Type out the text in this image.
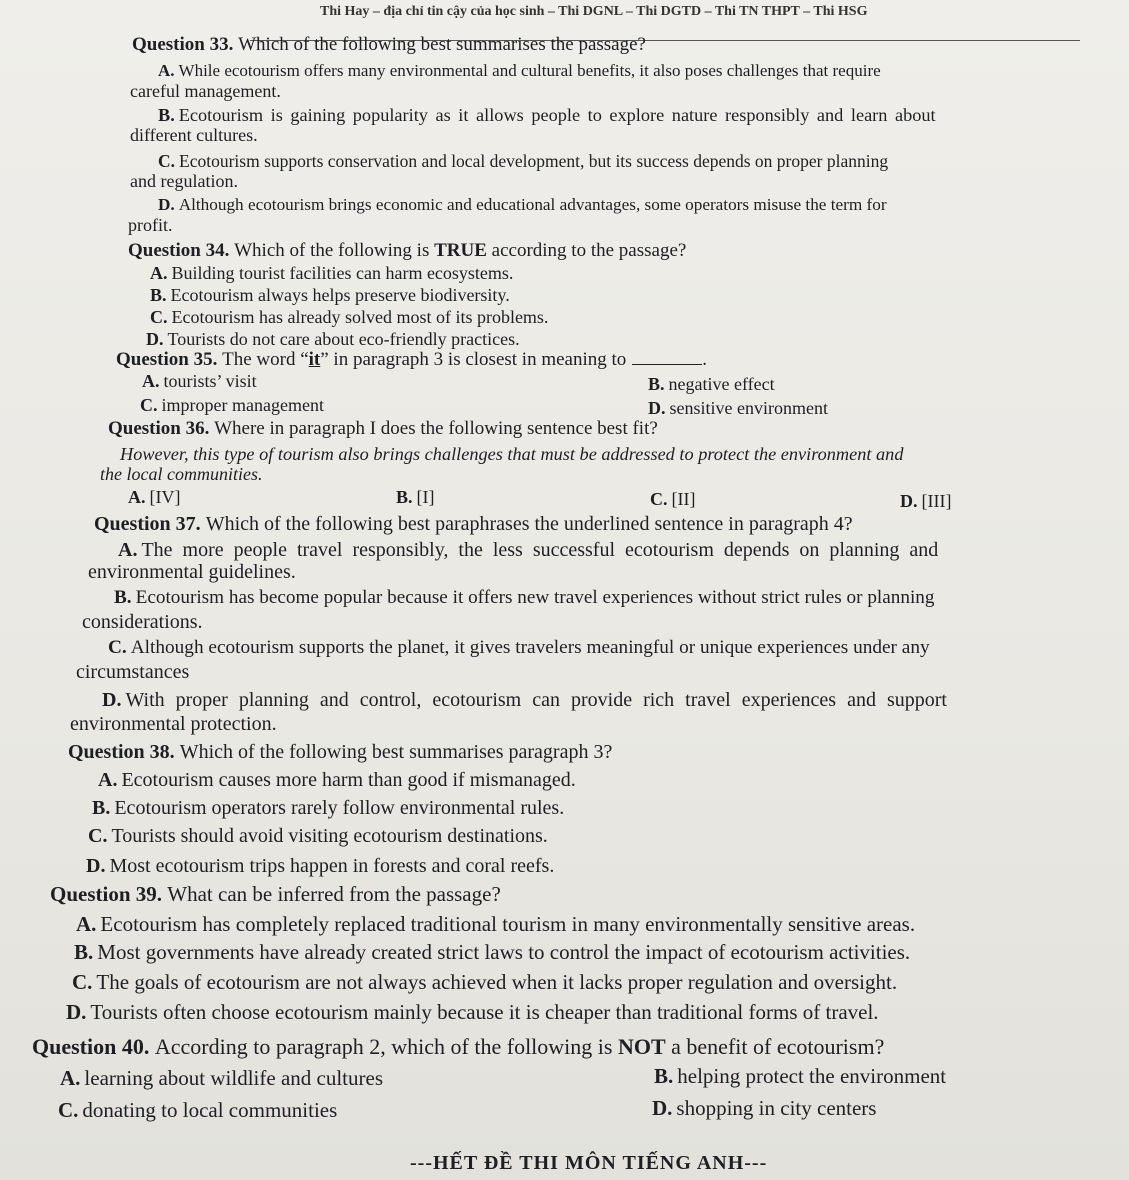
Thi Hay – địa chỉ tin cậy của học sinh – Thi DGNL – Thi DGTD – Thi TN THPT – Thi HSG
Question 33. Which of the following best summarises the passage?
A. While ecotourism offers many environmental and cultural benefits, it also poses challenges that require
careful management.
B. Ecotourism is gaining popularity as it allows people to explore nature responsibly and learn about
different cultures.
C. Ecotourism supports conservation and local development, but its success depends on proper planning
and regulation.
D. Although ecotourism brings economic and educational advantages, some operators misuse the term for
profit.
Question 34. Which of the following is TRUE according to the passage?
A. Building tourist facilities can harm ecosystems.
B. Ecotourism always helps preserve biodiversity.
C. Ecotourism has already solved most of its problems.
D. Tourists do not care about eco-friendly practices.
Question 35. The word “it” in paragraph 3 is closest in meaning to	.
A. tourists’ visit	B. negative effect
C. improper management	D. sensitive environment
Question 36. Where in paragraph I does the following sentence best fit?
However, this type of tourism also brings challenges that must be addressed to protect the environment and
the local communities.
A. [IV]	B. [I]	C. [II]	D. [III]
Question 37. Which of the following best paraphrases the underlined sentence in paragraph 4?
A. The more people travel responsibly, the less successful ecotourism depends on planning and
environmental guidelines.
B. Ecotourism has become popular because it offers new travel experiences without strict rules or planning
considerations.
C. Although ecotourism supports the planet, it gives travelers meaningful or unique experiences under any
circumstances
D. With proper planning and control, ecotourism can provide rich travel experiences and support
environmental protection.
Question 38. Which of the following best summarises paragraph 3?
A. Ecotourism causes more harm than good if mismanaged.
B. Ecotourism operators rarely follow environmental rules.
C. Tourists should avoid visiting ecotourism destinations.
D. Most ecotourism trips happen in forests and coral reefs.
Question 39. What can be inferred from the passage?
A. Ecotourism has completely replaced traditional tourism in many environmentally sensitive areas.
B. Most governments have already created strict laws to control the impact of ecotourism activities.
C. The goals of ecotourism are not always achieved when it lacks proper regulation and oversight.
D. Tourists often choose ecotourism mainly because it is cheaper than traditional forms of travel.
Question 40. According to paragraph 2, which of the following is NOT a benefit of ecotourism?
A. learning about wildlife and cultures	B. helping protect the environment
C. donating to local communities	D. shopping in city centers
---HẾT ĐỀ THI MÔN TIẾNG ANH---
